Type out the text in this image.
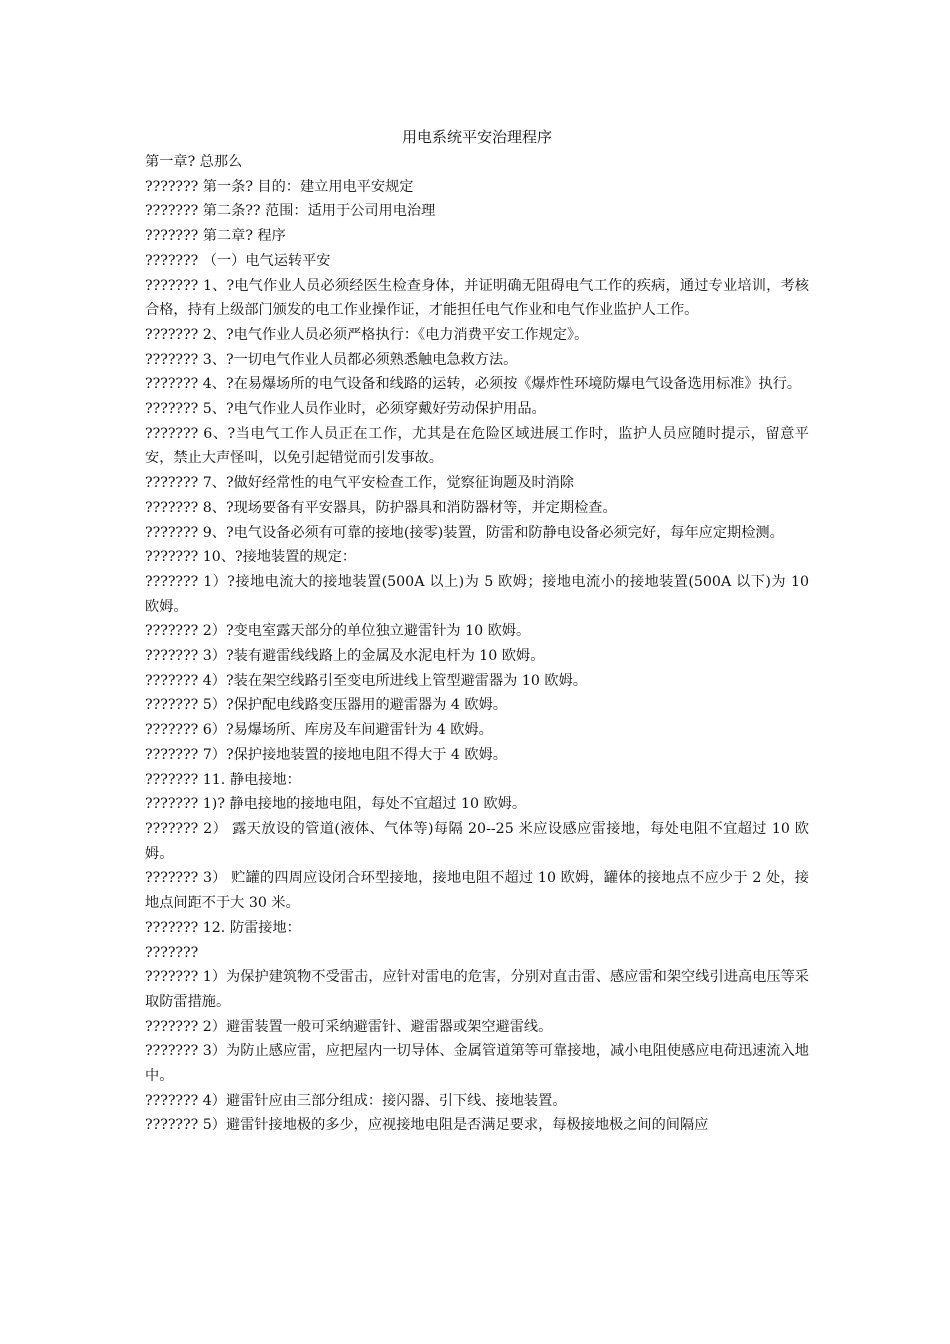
用电系统平安治理程序

第一章? 总那么

??????? 第一条? 目的：建立用电平安规定

??????? 第二条?? 范围：适用于公司用电治理

??????? 第二章? 程序

??????? （一）电气运转平安

??????? 1、?电气作业人员必须经医生检查身体，并证明确无阻碍电气工作的疾病，通过专业培训，考核合格，持有上级部门颁发的电工作业操作证，才能担任电气作业和电气作业监护人工作。

??????? 2、?电气作业人员必须严格执行：《电力消费平安工作规定》。

??????? 3、?一切电气作业人员都必须熟悉触电急救方法。

??????? 4、?在易爆场所的电气设备和线路的运转，必须按《爆炸性环境防爆电气设备选用标准》执行。

??????? 5、?电气作业人员作业时，必须穿戴好劳动保护用品。

??????? 6、?当电气工作人员正在工作，尤其是在危险区域进展工作时，监护人员应随时提示，留意平安，禁止大声怪叫，以免引起错觉而引发事故。

??????? 7、?做好经常性的电气平安检查工作，觉察征询题及时消除

??????? 8、?现场要备有平安器具，防护器具和消防器材等，并定期检查。

??????? 9、?电气设备必须有可靠的接地(接零)装置，防雷和防静电设备必须完好，每年应定期检测。

??????? 10、?接地装置的规定：

??????? 1）?接地电流大的接地装置(500A 以上)为 5 欧姆；接地电流小的接地装置(500A 以下)为 10 欧姆。

??????? 2）?变电室露天部分的单位独立避雷针为 10 欧姆。

??????? 3）?装有避雷线线路上的金属及水泥电杆为 10 欧姆。

??????? 4）?装在架空线路引至变电所进线上管型避雷器为 10 欧姆。

??????? 5）?保护配电线路变压器用的避雷器为 4 欧姆。

??????? 6）?易爆场所、库房及车间避雷针为 4 欧姆。

??????? 7）?保护接地装置的接地电阻不得大于 4 欧姆。

??????? 11. 静电接地：

??????? 1)? 静电接地的接地电阻，每处不宜超过 10 欧姆。

??????? 2） 露天放设的管道(液体、气体等)每隔 20--25 米应设感应雷接地，每处电阻不宜超过 10 欧姆。

??????? 3） 贮罐的四周应设闭合环型接地，接地电阻不超过 10 欧姆，罐体的接地点不应少于 2 处，接地点间距不于大 30 米。

??????? 12. 防雷接地：

???????

??????? 1）为保护建筑物不受雷击，应针对雷电的危害，分别对直击雷、感应雷和架空线引进高电压等采取防雷措施。

??????? 2）避雷装置一般可采纳避雷针、避雷器或架空避雷线。

??????? 3）为防止感应雷，应把屋内一切导体、金属管道第等可靠接地，减小电阻使感应电荷迅速流入地中。

??????? 4）避雷针应由三部分组成：接闪器、引下线、接地装置。

??????? 5）避雷针接地极的多少，应视接地电阻是否满足要求，每极接地极之间的间隔应
